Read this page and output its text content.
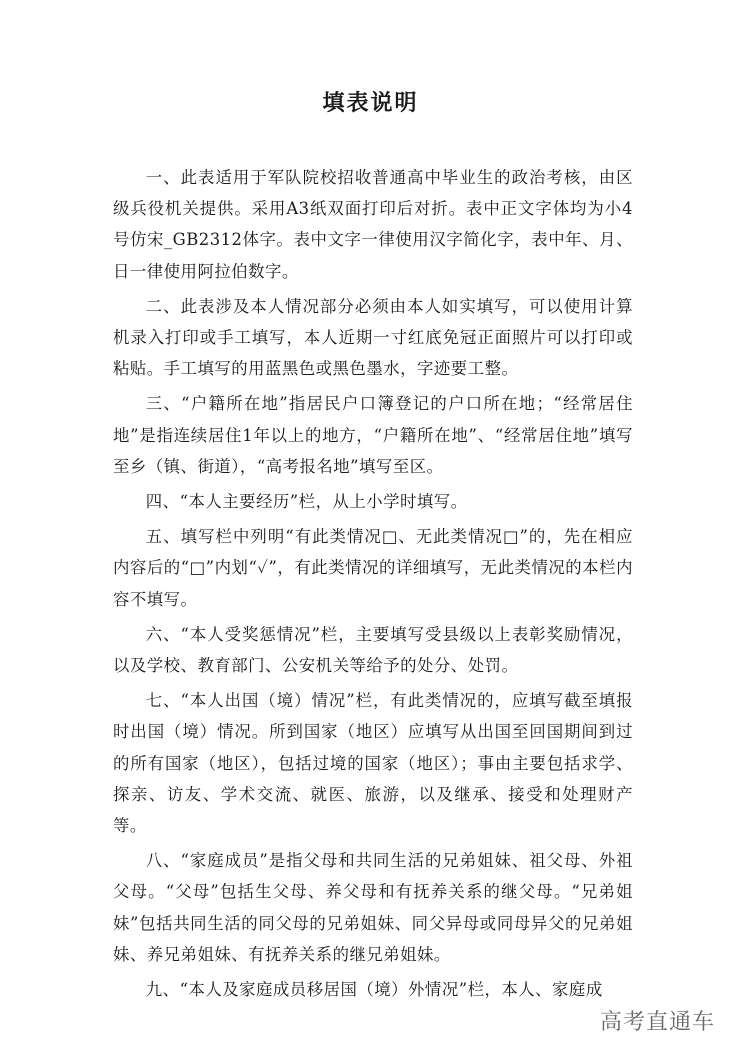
填表说明

一、此表适用于军队院校招收普通高中毕业生的政治考核，由区级兵役机关提供。采用A3纸双面打印后对折。表中正文字体均为小4号仿宋_GB2312体字。表中文字一律使用汉字简化字，表中年、月、日一律使用阿拉伯数字。

二、此表涉及本人情况部分必须由本人如实填写，可以使用计算机录入打印或手工填写，本人近期一寸红底免冠正面照片可以打印或粘贴。手工填写的用蓝黑色或黑色墨水，字迹要工整。

三、“户籍所在地”指居民户口簿登记的户口所在地；“经常居住地”是指连续居住1年以上的地方，“户籍所在地”、“经常居住地”填写至乡（镇、街道），“高考报名地”填写至区。

四、“本人主要经历”栏，从上小学时填写。

五、填写栏中列明“有此类情况□、无此类情况□”的，先在相应内容后的“□”内划“✓”，有此类情况的详细填写，无此类情况的本栏内容不填写。

六、“本人受奖惩情况”栏，主要填写受县级以上表彰奖励情况，以及学校、教育部门、公安机关等给予的处分、处罚。

七、“本人出国（境）情况”栏，有此类情况的，应填写截至填报时出国（境）情况。所到国家（地区）应填写从出国至回国期间到过的所有国家（地区），包括过境的国家（地区）；事由主要包括求学、探亲、访友、学术交流、就医、旅游，以及继承、接受和处理财产等。

八、“家庭成员”是指父母和共同生活的兄弟姐妹、祖父母、外祖父母。“父母”包括生父母、养父母和有抚养关系的继父母。“兄弟姐妹”包括共同生活的同父母的兄弟姐妹、同父异母或同母异父的兄弟姐妹、养兄弟姐妹、有抚养关系的继兄弟姐妹。

九、“本人及家庭成员移居国（境）外情况”栏，本人、家庭成

高考直通车
